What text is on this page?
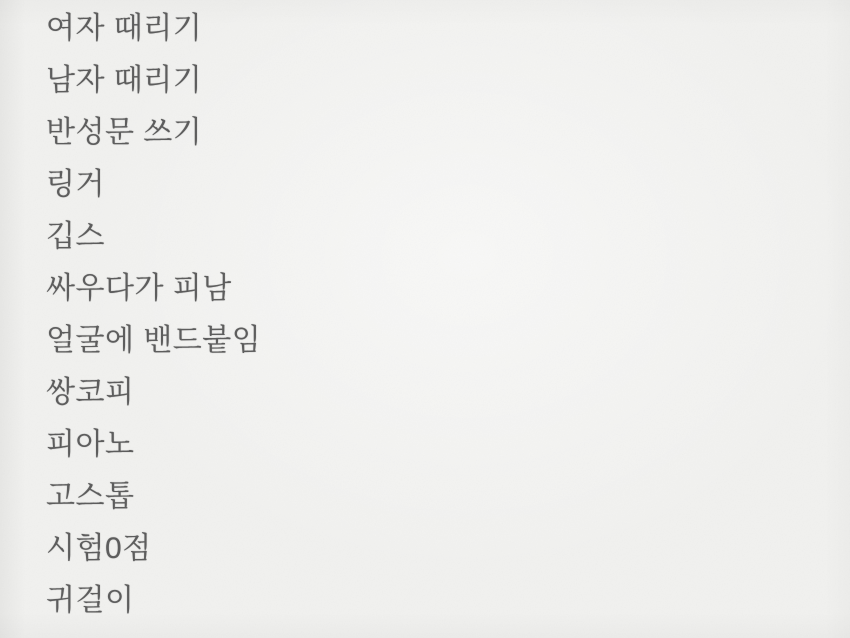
여자 때리기
남자 때리기
반성문 쓰기
링거
깁스
싸우다가 피남
얼굴에 밴드붙임
쌍코피
피아노
고스톱
시험0점
귀걸이
